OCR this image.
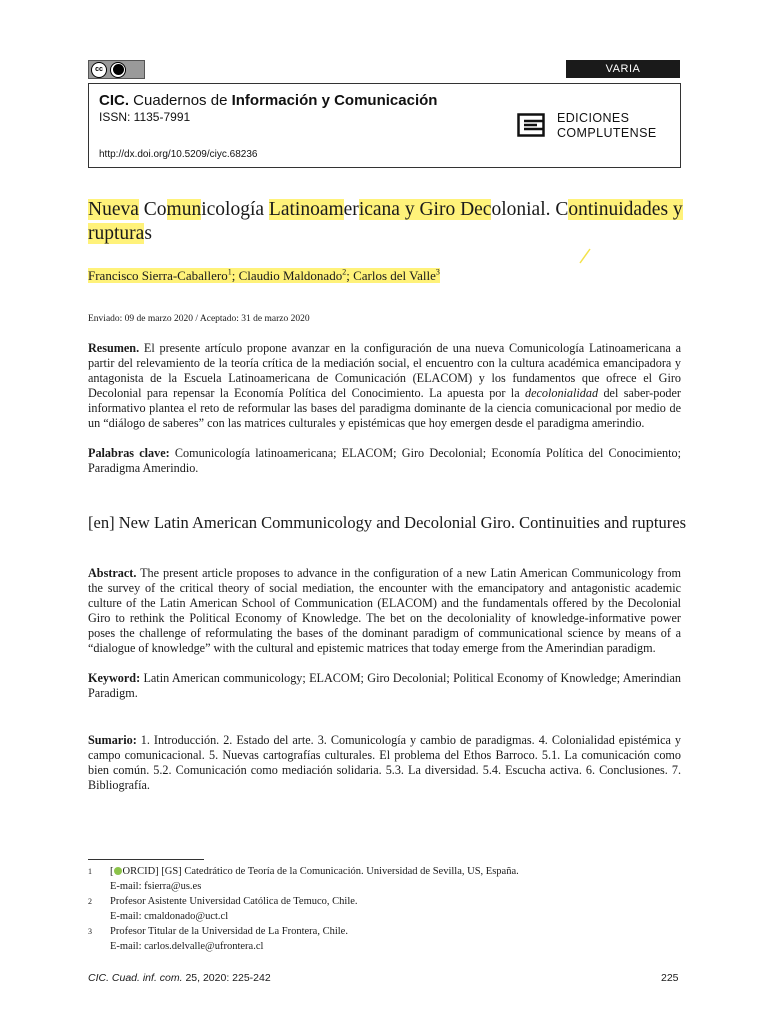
cc	VARIA
CIC. Cuadernos de Información y Comunicación
ISSN: 1135-7991
http://dx.doi.org/10.5209/ciyc.68236
EDICIONES
COMPLUTENSE
Nueva Comunicología Latinoamericana y Giro Decolonial. Continuidades y rupturas
Francisco Sierra-Caballero$^1$; Claudio Maldonado$^2$; Carlos del Valle$^3$
Enviado: 09 de marzo 2020 / Aceptado: 31 de marzo 2020

Resumen. El presente artículo propone avanzar en la configuración de una nueva Comunicología Latinoamericana a partir del relevamiento de la teoría crítica de la mediación social, el encuentro con la cultura académica emancipadora y antagonista de la Escuela Latinoamericana de Comunicación (ELACOM) y los fundamentos que ofrece el Giro Decolonial para repensar la Economía Política del Conocimiento. La apuesta por la decolonialidad del saber-poder informativo plantea el reto de reformular las bases del paradigma dominante de la ciencia comunicacional por medio de un “diálogo de saberes” con las matrices culturales y epistémicas que hoy emergen desde el paradigma amerindio.

Palabras clave: Comunicología latinoamericana; ELACOM; Giro Decolonial; Economía Política del Conocimiento; Paradigma Amerindio.

[en] New Latin American Communicology and Decolonial Giro. Continuities and ruptures

Abstract. The present article proposes to advance in the configuration of a new Latin American Communicology from the survey of the critical theory of social mediation, the encounter with the emancipatory and antagonistic academic culture of the Latin American School of Communication (ELACOM) and the fundamentals offered by the Decolonial Giro to rethink the Political Economy of Knowledge. The bet on the decoloniality of knowledge-informative power poses the challenge of reformulating the bases of the dominant paradigm of communicational science by means of a “dialogue of knowledge” with the cultural and epistemic matrices that today emerge from the Amerindian paradigm.

Keyword: Latin American communicology; ELACOM; Giro Decolonial; Political Economy of Knowledge; Amerindian Paradigm.

Sumario: 1. Introducción. 2. Estado del arte. 3. Comunicología y cambio de paradigmas. 4. Colonialidad epistémica y campo comunicacional. 5. Nuevas cartografías culturales. El problema del Ethos Barroco. 5.1. La comunicación como bien común. 5.2. Comunicación como mediación solidaria. 5.3. La diversidad. 5.4. Escucha activa. 6. Conclusiones. 7. Bibliografía.

1 [ ORCID] [GS] Catedrático de Teoría de la Comunicación. Universidad de Sevilla, US, España.
E-mail: fsierra@us.es
2 Profesor Asistente Universidad Católica de Temuco, Chile.
E-mail: cmaldonado@uct.cl
3 Profesor Titular de la Universidad de La Frontera, Chile.
E-mail: carlos.delvalle@ufrontera.cl
CIC. Cuad. inf. com. 25, 2020: 225-242	225
